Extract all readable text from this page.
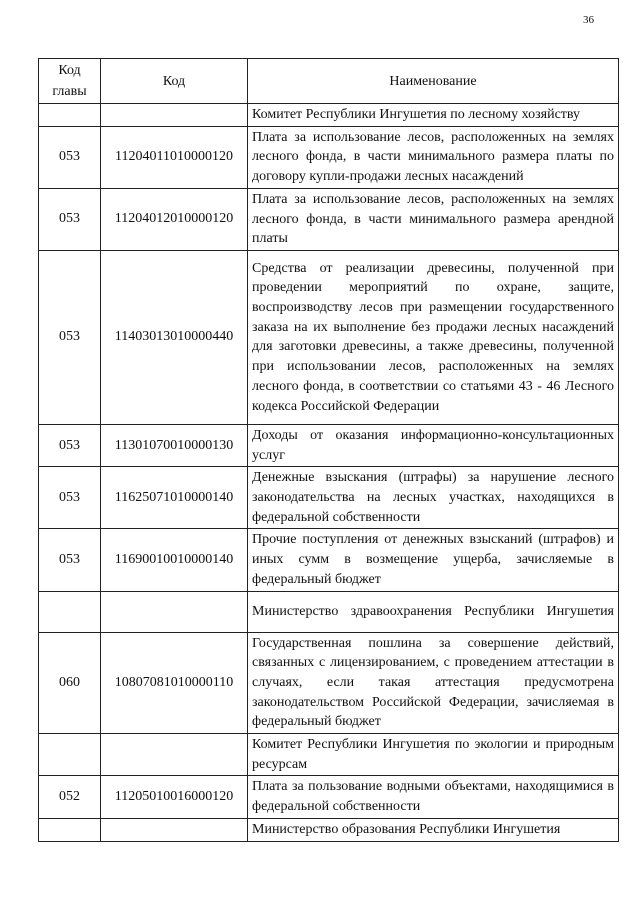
36
Код главы	Код	Наименование
		Комитет Республики Ингушетия по лесному хозяйству
053	11204011010000120	Плата за использование лесов, расположенных на землях лесного фонда, в части минимального размера платы по договору купли-продажи лесных насаждений
053	11204012010000120	Плата за использование лесов, расположенных на землях лесного фонда, в части минимального размера арендной платы
053	11403013010000440	Средства от реализации древесины, полученной при проведении мероприятий по охране, защите, воспроизводству лесов при размещении государственного заказа на их выполнение без продажи лесных насаждений для заготовки древесины, а также древесины, полученной при использовании лесов, расположенных на землях лесного фонда, в соответствии со статьями 43 - 46 Лесного кодекса Российской Федерации
053	11301070010000130	Доходы от оказания информационно-консультационных услуг
053	11625071010000140	Денежные взыскания (штрафы) за нарушение лесного законодательства на лесных участках, находящихся в федеральной собственности
053	11690010010000140	Прочие поступления от денежных взысканий (штрафов) и иных сумм в возмещение ущерба, зачисляемые в федеральный бюджет
		Министерство здравоохранения Республики Ингушетия
060	10807081010000110	Государственная пошлина за совершение действий, связанных с лицензированием, с проведением аттестации в случаях, если такая аттестация предусмотрена законодательством Российской Федерации, зачисляемая в федеральный бюджет
		Комитет Республики Ингушетия по экологии и природным ресурсам
052	11205010016000120	Плата за пользование водными объектами, находящимися в федеральной собственности
		Министерство образования Республики Ингушетия
